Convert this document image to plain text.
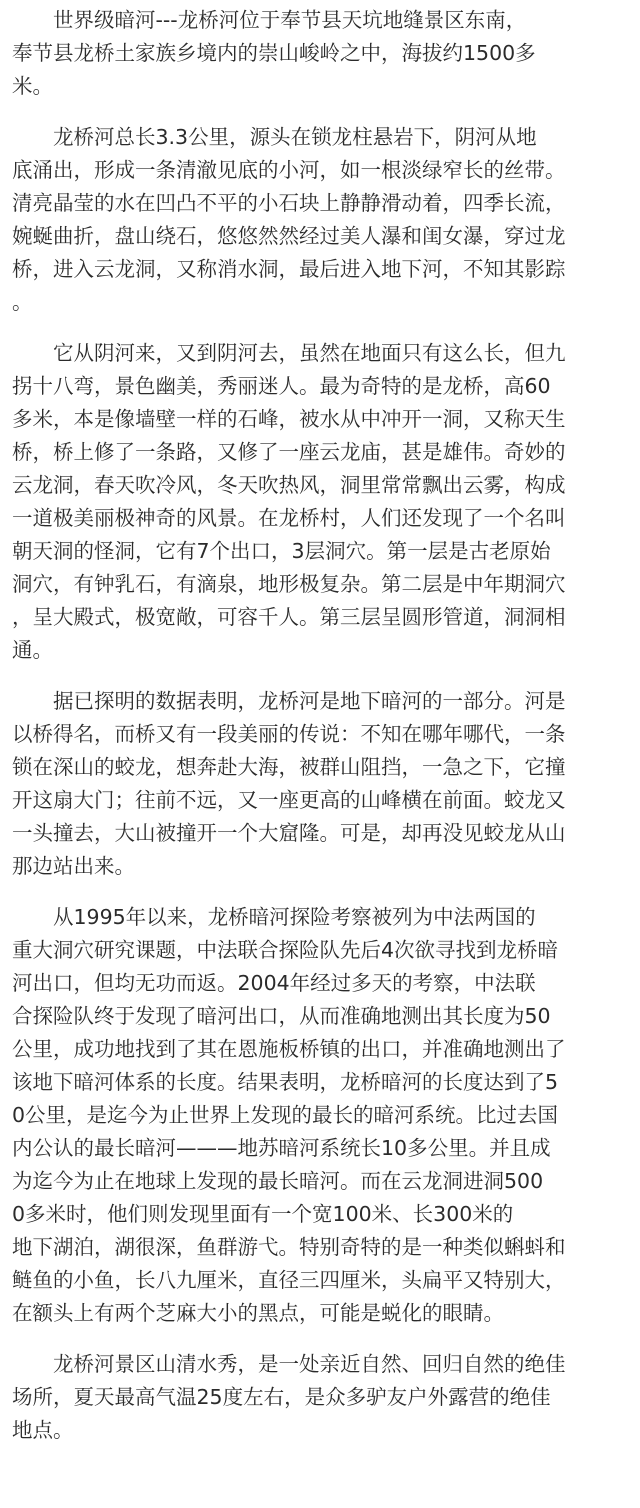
　　世界级暗河---龙桥河位于奉节县天坑地缝景区东南，
奉节县龙桥土家族乡境内的崇山峻岭之中，海拔约1500多
米。
　　龙桥河总长3.3公里，源头在锁龙柱悬岩下，阴河从地
底涌出，形成一条清澈见底的小河，如一根淡绿窄长的丝带。
清亮晶莹的水在凹凸不平的小石块上静静滑动着，四季长流，
婉蜒曲折，盘山绕石，悠悠然然经过美人瀑和闺女瀑，穿过龙
桥，进入云龙洞，又称消水洞，最后进入地下河，不知其影踪
。
　　它从阴河来，又到阴河去，虽然在地面只有这么长，但九
拐十八弯，景色幽美，秀丽迷人。最为奇特的是龙桥，高60
多米，本是像墙壁一样的石峰，被水从中冲开一洞，又称天生
桥，桥上修了一条路，又修了一座云龙庙，甚是雄伟。奇妙的
云龙洞，春天吹冷风，冬天吹热风，洞里常常飘出云雾，构成
一道极美丽极神奇的风景。在龙桥村，人们还发现了一个名叫
朝天洞的怪洞，它有7个出口，3层洞穴。第一层是古老原始
洞穴，有钟乳石，有滴泉，地形极复杂。第二层是中年期洞穴
，呈大殿式，极宽敞，可容千人。第三层呈圆形管道，洞洞相
通。
　　据已探明的数据表明，龙桥河是地下暗河的一部分。河是
以桥得名，而桥又有一段美丽的传说：不知在哪年哪代，一条
锁在深山的蛟龙，想奔赴大海，被群山阻挡，一急之下，它撞
开这扇大门；往前不远，又一座更高的山峰横在前面。蛟龙又
一头撞去，大山被撞开一个大窟隆。可是，却再没见蛟龙从山
那边站出来。
　　从1995年以来，龙桥暗河探险考察被列为中法两国的
重大洞穴研究课题，中法联合探险队先后4次欲寻找到龙桥暗
河出口，但均无功而返。2004年经过多天的考察，中法联
合探险队终于发现了暗河出口，从而准确地测出其长度为50
公里，成功地找到了其在恩施板桥镇的出口，并准确地测出了
该地下暗河体系的长度。结果表明，龙桥暗河的长度达到了5
0公里，是迄今为止世界上发现的最长的暗河系统。比过去国
内公认的最长暗河———地苏暗河系统长10多公里。并且成
为迄今为止在地球上发现的最长暗河。而在云龙洞进洞500
0多米时，他们则发现里面有一个宽100米、长300米的
地下湖泊，湖很深，鱼群游弋。特别奇特的是一种类似蝌蚪和
鲢鱼的小鱼，长八九厘米，直径三四厘米，头扁平又特别大，
在额头上有两个芝麻大小的黑点，可能是蜕化的眼睛。
　　龙桥河景区山清水秀，是一处亲近自然、回归自然的绝佳
场所，夏天最高气温25度左右，是众多驴友户外露营的绝佳
地点。
